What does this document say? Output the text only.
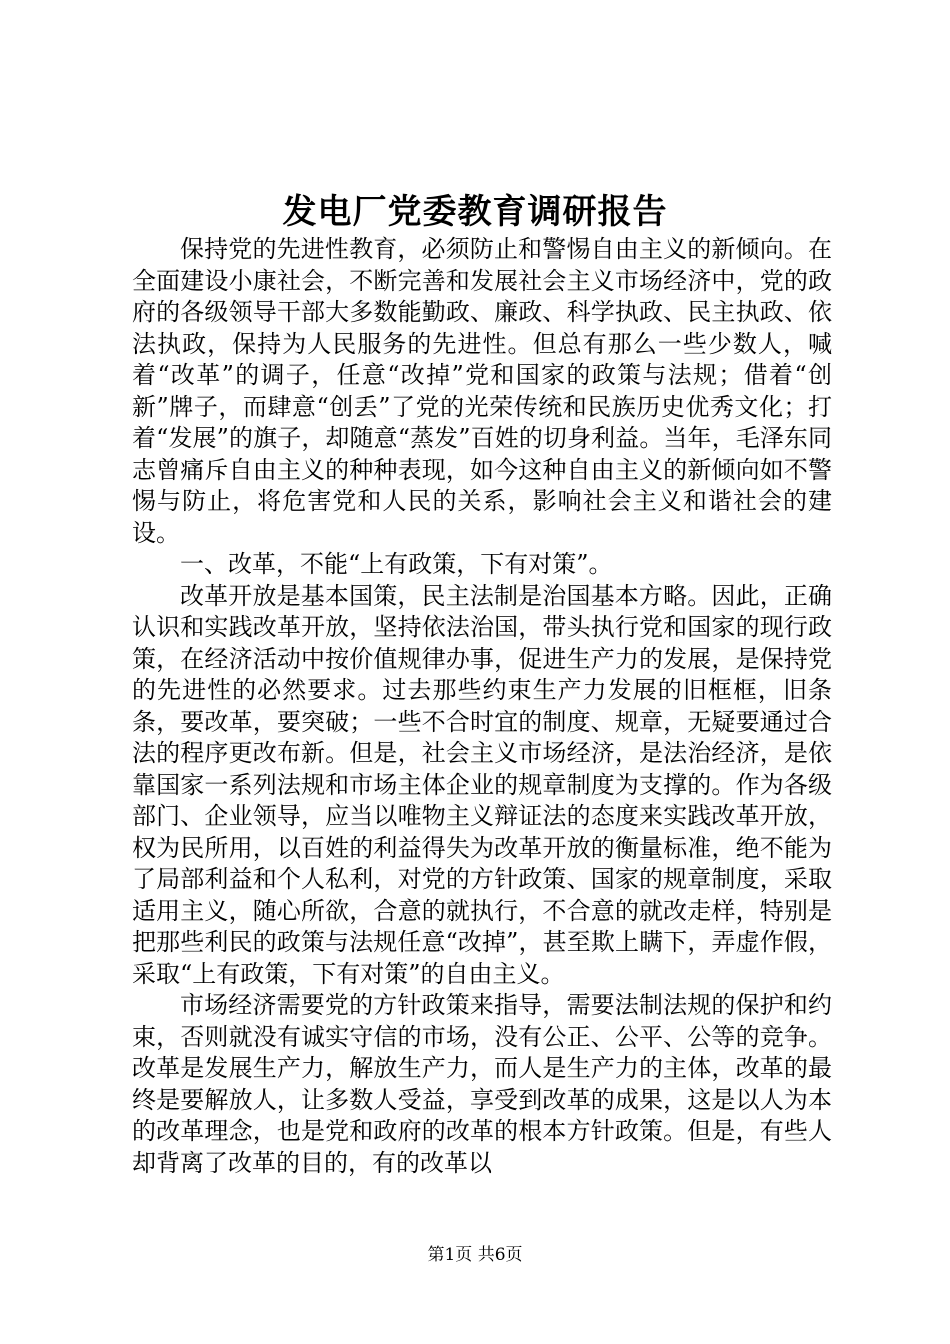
发电厂党委教育调研报告

保持党的先进性教育，必须防止和警惕自由主义的新倾向。在全面建设小康社会，不断完善和发展社会主义市场经济中，党的政府的各级领导干部大多数能勤政、廉政、科学执政、民主执政、依法执政，保持为人民服务的先进性。但总有那么一些少数人，喊着“改革”的调子，任意“改掉”党和国家的政策与法规；借着“创新”牌子，而肆意“创丢”了党的光荣传统和民族历史优秀文化；打着“发展”的旗子，却随意“蒸发”百姓的切身利益。当年，毛泽东同志曾痛斥自由主义的种种表现，如今这种自由主义的新倾向如不警惕与防止，将危害党和人民的关系，影响社会主义和谐社会的建设。

一、改革，不能“上有政策，下有对策”。

改革开放是基本国策，民主法制是治国基本方略。因此，正确认识和实践改革开放，坚持依法治国，带头执行党和国家的现行政策，在经济活动中按价值规律办事，促进生产力的发展，是保持党的先进性的必然要求。过去那些约束生产力发展的旧框框，旧条条，要改革，要突破；一些不合时宜的制度、规章，无疑要通过合法的程序更改布新。但是，社会主义市场经济，是法治经济，是依靠国家一系列法规和市场主体企业的规章制度为支撑的。作为各级部门、企业领导，应当以唯物主义辩证法的态度来实践改革开放，权为民所用，以百姓的利益得失为改革开放的衡量标准，绝不能为了局部利益和个人私利，对党的方针政策、国家的规章制度，采取适用主义，随心所欲，合意的就执行，不合意的就改走样，特别是把那些利民的政策与法规任意“改掉”，甚至欺上瞒下，弄虚作假，采取“上有政策，下有对策”的自由主义。

市场经济需要党的方针政策来指导，需要法制法规的保护和约束，否则就没有诚实守信的市场，没有公正、公平、公等的竞争。改革是发展生产力，解放生产力，而人是生产力的主体，改革的最终是要解放人，让多数人受益，享受到改革的成果，这是以人为本的改革理念，也是党和政府的改革的根本方针政策。但是，有些人却背离了改革的目的，有的改革以

第1页 共6页
